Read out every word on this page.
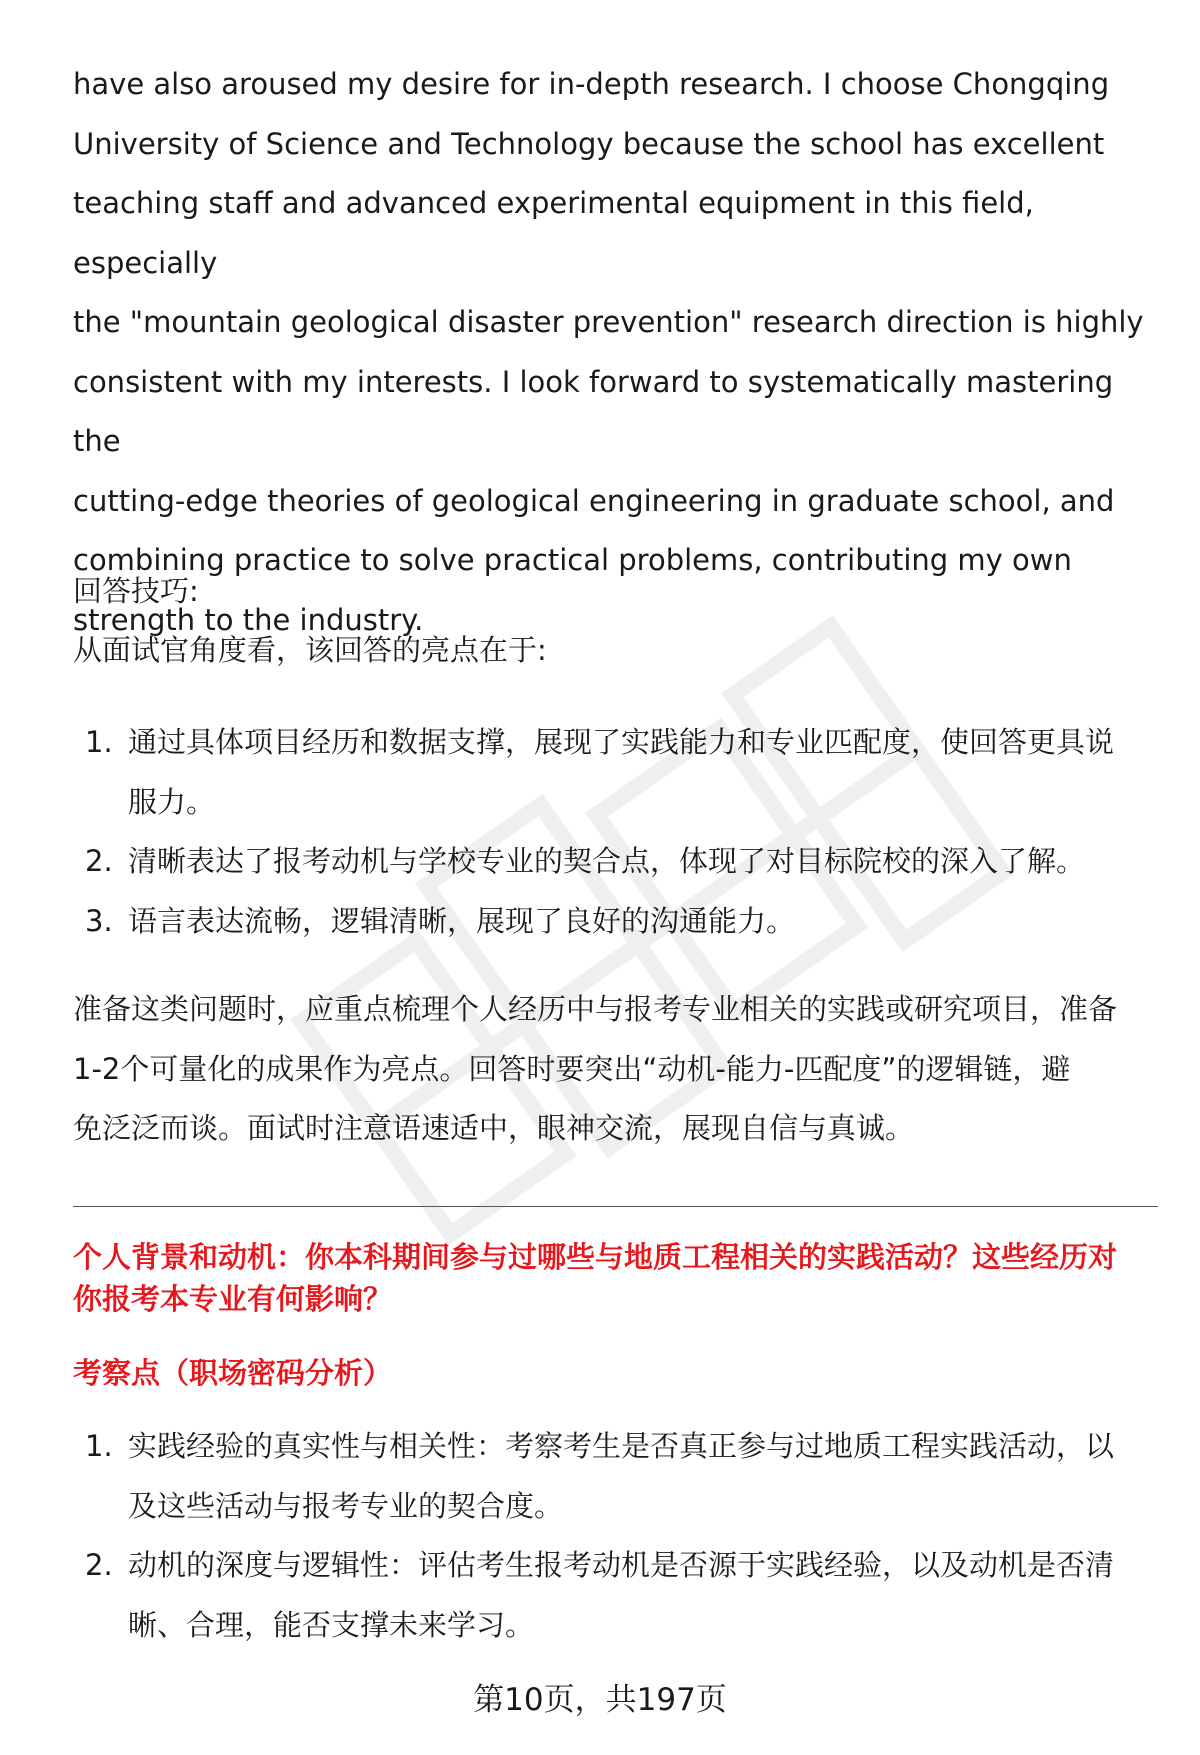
have also aroused my desire for in-depth research. I choose Chongqing

University of Science and Technology because the school has excellent

teaching staff and advanced experimental equipment in this field, especially

the "mountain geological disaster prevention" research direction is highly

consistent with my interests. I look forward to systematically mastering the

cutting-edge theories of geological engineering in graduate school, and

combining practice to solve practical problems, contributing my own

strength to the industry.

回答技巧:

从面试官角度看，该回答的亮点在于:

1. 通过具体项目经历和数据支撑，展现了实践能力和专业匹配度，使回答更具说
服力。
2. 清晰表达了报考动机与学校专业的契合点，体现了对目标院校的深入了解。
3. 语言表达流畅，逻辑清晰，展现了良好的沟通能力。

准备这类问题时，应重点梳理个人经历中与报考专业相关的实践或研究项目，准备

1-2个可量化的成果作为亮点。回答时要突出“动机-能力-匹配度”的逻辑链，避

免泛泛而谈。面试时注意语速适中，眼神交流，展现自信与真诚。

个人背景和动机：你本科期间参与过哪些与地质工程相关的实践活动？这些经历对
你报考本专业有何影响？

考察点（职场密码分析）

1. 实践经验的真实性与相关性：考察考生是否真正参与过地质工程实践活动，以
及这些活动与报考专业的契合度。
2. 动机的深度与逻辑性：评估考生报考动机是否源于实践经验，以及动机是否清
晰、合理，能否支撑未来学习。
第10页，共197页
